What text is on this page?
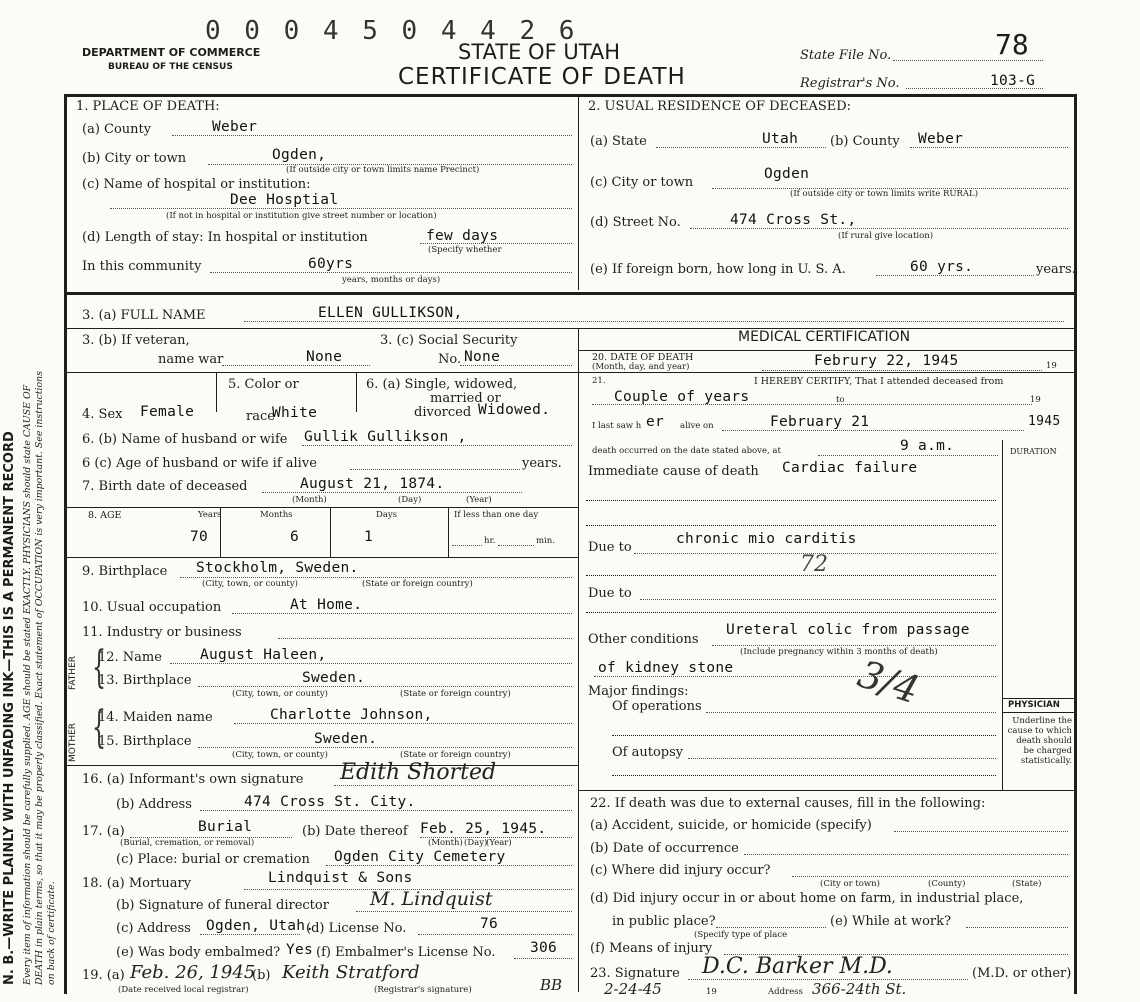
N. B.—WRITE PLAINLY WITH UNFADING INK—THIS IS A PERMANENT RECORD Every item of information should be carefully supplied. AGE should be stated EXACTLY. PHYSICIANS should state CAUSE OF DEATH in plain terms, so that it may be properly classified. Exact statement of OCCUPATION is very important. See instructions on back of certificate.
0 0 0 4 5 0 4 4 2 6
DEPARTMENT OF COMMERCE
BUREAU OF THE CENSUS
STATE OF UTAH
CERTIFICATE OF DEATH
State File No.	78
Registrar's No.	103-G
1. PLACE OF DEATH:
(a) County	Weber
(b) City or town	Ogden,
(If outside city or town limits name Precinct)
(c) Name of hospital or institution:
Dee Hosptial
(If not in hospital or institution give street number or location)
(d) Length of stay: In hospital or institution	few days
(Specify whether
In this community	60yrs
years, months or days)
2. USUAL RESIDENCE OF DECEASED:
(a) State	Utah (b) County Weber
(c) City or town
Ogden
(If outside city or town limits write RURAL)
(d) Street No.	474 Cross St.,
(If rural give location)
(e) If foreign born, how long in U. S. A.	60 yrs.	years.
3. (a) FULL NAME	ELLEN GULLIKSON,
3. (b) If veteran,
name war	None
3. (c) Social Security
No. None
5. Color or
race
White
6. (a) Single, widowed,
married or
divorced Widowed.
4. Sex Female
6. (b) Name of husband or wife Gullik Gullikson ,
6 (c) Age of husband or wife if alive	years.
7. Birth date of deceased	August 21, 1874.
(Month)	(Day)	(Year)
8. AGE	Years	Months	Days	If less than one day
70	6	1	hr.	min.
9. Birthplace Stockholm, Sweden.
(City, town, or county)	(State or foreign country)
10. Usual occupation	At Home.
11. Industry or business
FATHER {
12. Name	August Haleen,
13. Birthplace	Sweden.
(City, town, or county)	(State or foreign country)
MOTHER {
14. Maiden name	Charlotte Johnson,
15. Birthplace	Sweden.
(City, town, or county)	(State or foreign country)
16. (a) Informant's own signature Edith Shorted
(b) Address	474 Cross St. City.
17. (a)	Burial
(Burial, cremation, or removal)
(b) Date thereof Feb. 25, 1945.
(Month) (Day)
(Year)
(c) Place: burial or cremation Ogden City Cemetery
18. (a) Mortuary	Lindquist & Sons
(b) Signature of funeral director M. Lindquist
(c) Address Ogden, Utah.
(d) License No.	76
(e) Was body embalmed? Yes (f) Embalmer's License No. 306
19. (a) Feb. 26, 1945
(Date received local registrar)
(b) Keith Stratford
(Registrar's signature)	BB
MEDICAL CERTIFICATION
20. DATE OF DEATH
(Month, day, and year)	Februry 22, 1945	19
21.	I HEREBY CERTIFY, That I attended deceased from
Couple of years	to	19
I last saw h er alive on	February 21	1945
death occurred on the date stated above, at	9 a.m.	DURATION
Immediate cause of death Cardiac failure
Due to
chronic mio carditis
72
Due to
Other conditions
Ureteral colic from passage
(Include pregnancy within 3 months of death)
of kidney stone	3/4
Major findings:
Of operations
Of autopsy
PHYSICIAN
Underline the cause to which death should be charged statistically.
22. If death was due to external causes, fill in the following:
(a) Accident, suicide, or homicide (specify)
(b) Date of occurrence
(c) Where did injury occur?
(City or town)	(County)	(State)
(d) Did injury occur in or about home on farm, in industrial place,
in public place?	(e) While at work?
(Specify type of place
(f) Means of injury
23. Signature D.C. Barker M.D.	(M.D. or other)
2-24-45	19	Address 366-24th St.
